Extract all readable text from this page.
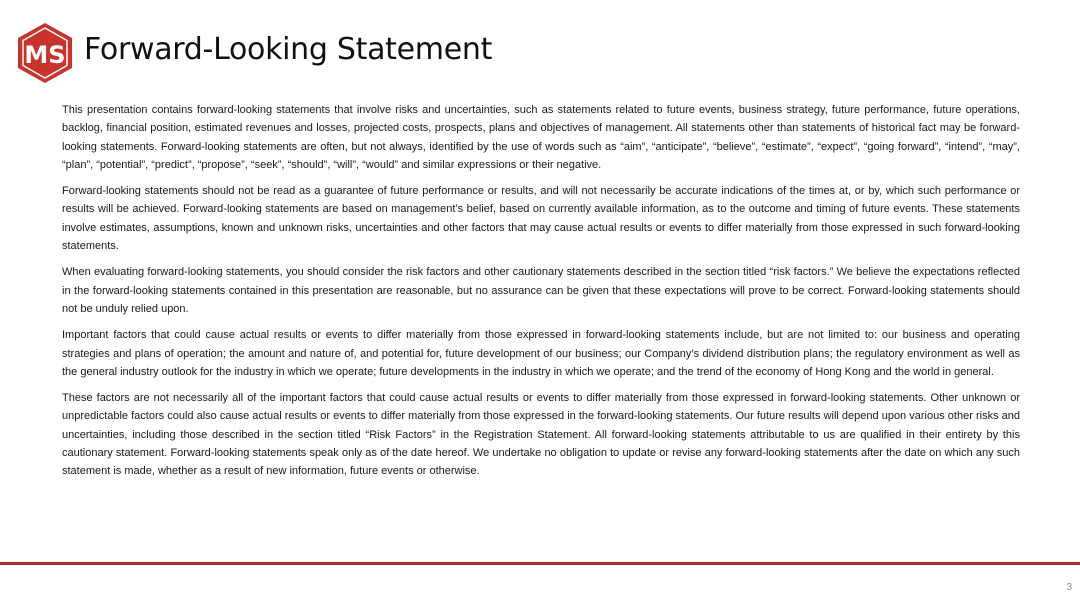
MS Forward-Looking Statement

This presentation contains forward-looking statements that involve risks and uncertainties, such as statements related to future events, business strategy, future performance, future operations, backlog, financial position, estimated revenues and losses, projected costs, prospects, plans and objectives of management. All statements other than statements of historical fact may be forward-looking statements. Forward-looking statements are often, but not always, identified by the use of words such as “aim”, “anticipate”, “believe”, “estimate”, “expect”, “going forward”, “intend”, “may”, “plan”, “potential”, “predict”, “propose”, “seek”, “should”, “will”, “would” and similar expressions or their negative.

Forward-looking statements should not be read as a guarantee of future performance or results, and will not necessarily be accurate indications of the times at, or by, which such performance or results will be achieved. Forward-looking statements are based on management’s belief, based on currently available information, as to the outcome and timing of future events. These statements involve estimates, assumptions, known and unknown risks, uncertainties and other factors that may cause actual results or events to differ materially from those expressed in such forward-looking statements.

When evaluating forward-looking statements, you should consider the risk factors and other cautionary statements described in the section titled “risk factors.” We believe the expectations reflected in the forward-looking statements contained in this presentation are reasonable, but no assurance can be given that these expectations will prove to be correct. Forward-looking statements should not be unduly relied upon.

Important factors that could cause actual results or events to differ materially from those expressed in forward-looking statements include, but are not limited to: our business and operating strategies and plans of operation; the amount and nature of, and potential for, future development of our business; our Company’s dividend distribution plans; the regulatory environment as well as the general industry outlook for the industry in which we operate; future developments in the industry in which we operate; and the trend of the economy of Hong Kong and the world in general.

These factors are not necessarily all of the important factors that could cause actual results or events to differ materially from those expressed in forward-looking statements. Other unknown or unpredictable factors could also cause actual results or events to differ materially from those expressed in the forward-looking statements. Our future results will depend upon various other risks and uncertainties, including those described in the section titled “Risk Factors” in the Registration Statement. All forward-looking statements attributable to us are qualified in their entirety by this cautionary statement. Forward-looking statements speak only as of the date hereof. We undertake no obligation to update or revise any forward-looking statements after the date on which any such statement is made, whether as a result of new information, future events or otherwise.

3
